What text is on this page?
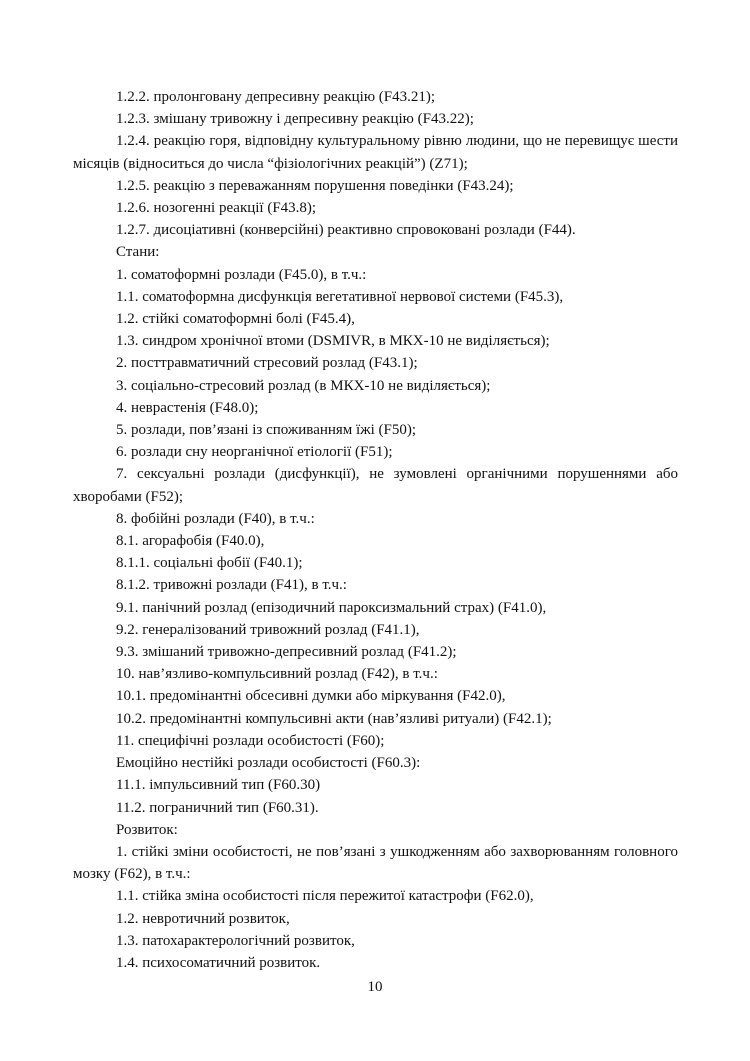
1.2.2. пролонговану депресивну реакцію (F43.21);

1.2.3. змішану тривожну і депресивну реакцію (F43.22);

1.2.4. реакцію горя, відповідну культуральному рівню людини, що не перевищує шести місяців (відноситься до числа “фізіологічних реакцій”) (Z71);

1.2.5. реакцію з переважанням порушення поведінки (F43.24);

1.2.6. нозогенні реакції (F43.8);

1.2.7. дисоціативні (конверсійні) реактивно спровоковані розлади (F44).

Стани:

1. соматоформні розлади (F45.0), в т.ч.:

1.1. соматоформна дисфункція вегетативної нервової системи (F45.3),

1.2. стійкі соматоформні болі (F45.4),

1.3. синдром хронічної втоми (DSMIVR, в МКХ-10 не виділяється);

2. посттравматичний стресовий розлад (F43.1);

3. соціально-стресовий розлад (в МКХ-10 не виділяється);

4. неврастенія (F48.0);

5. розлади, пов’язані із споживанням їжі (F50);

6. розлади сну неорганічної етіології (F51);

7. сексуальні розлади (дисфункції), не зумовлені органічними порушеннями або хворобами (F52);

8. фобійні розлади (F40), в т.ч.:

8.1. агорафобія (F40.0),

8.1.1. соціальні фобії (F40.1);

8.1.2. тривожні розлади (F41), в т.ч.:

9.1. панічний розлад (епізодичний пароксизмальний страх) (F41.0),

9.2. генералізований тривожний розлад (F41.1),

9.3. змішаний тривожно-депресивний розлад (F41.2);

10. нав’язливо-компульсивний розлад (F42), в т.ч.:

10.1. предомінантні обсесивні думки або міркування (F42.0),

10.2. предомінантні компульсивні акти (нав’язливі ритуали) (F42.1);

11. специфічні розлади особистості (F60);

Емоційно нестійкі розлади особистості (F60.3):

11.1. імпульсивний тип (F60.30)

11.2. пограничний тип (F60.31).

Розвиток:

1. стійкі зміни особистості, не пов’язані з ушкодженням або захворюванням головного мозку (F62), в т.ч.:

1.1. стійка зміна особистості після пережитої катастрофи (F62.0),

1.2. невротичний розвиток,

1.3. патохарактерологічний розвиток,

1.4. психосоматичний розвиток.

10
